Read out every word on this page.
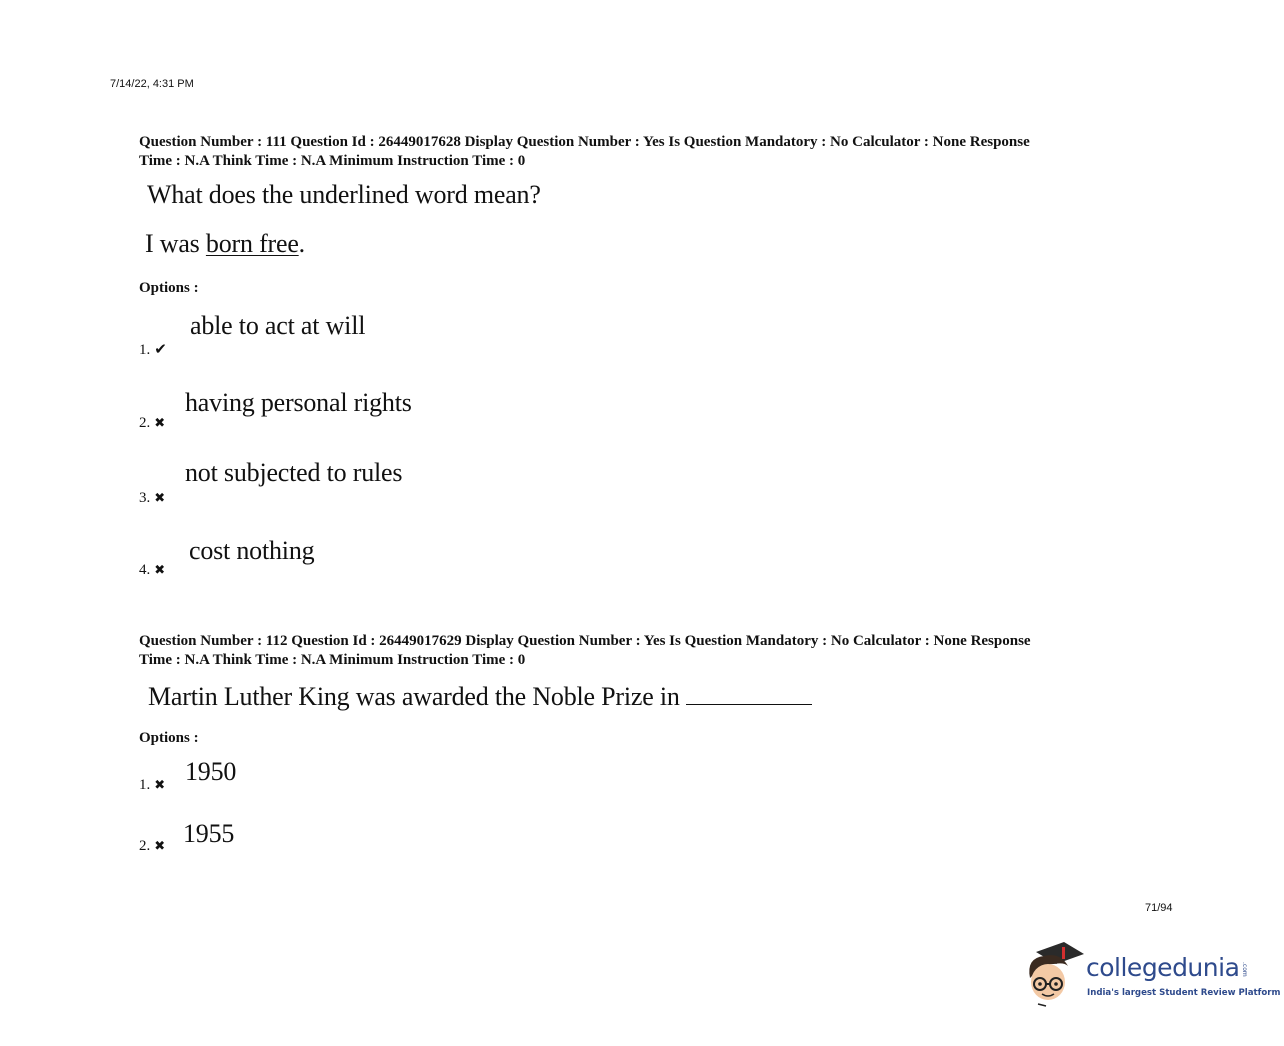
7/14/22, 4:31 PM
Question Number : 111 Question Id : 26449017628 Display Question Number : Yes Is Question Mandatory : No Calculator : None Response
Time : N.A Think Time : N.A Minimum Instruction Time : 0
What does the underlined word mean?
I was born free.
Options :
1. ✔
able to act at will
2. ✖
having personal rights
3. ✖
not subjected to rules
4. ✖
cost nothing
Question Number : 112 Question Id : 26449017629 Display Question Number : Yes Is Question Mandatory : No Calculator : None Response
Time : N.A Think Time : N.A Minimum Instruction Time : 0
Martin Luther King was awarded the Noble Prize in
Options :
1. ✖ 1950
2. ✖ 1955
71/94
collegedunia .com
India's largest Student Review Platform
